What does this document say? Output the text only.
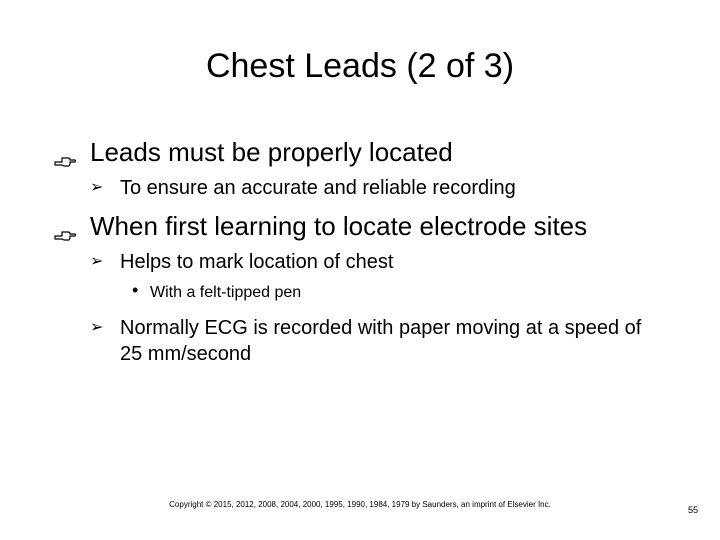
Chest Leads (2 of 3)
Leads must be properly located
➢ To ensure an accurate and reliable recording
When first learning to locate electrode sites
➢ Helps to mark location of chest
• With a felt-tipped pen
➢ Normally ECG is recorded with paper moving at a speed of 25 mm/second
Copyright © 2015, 2012, 2008, 2004, 2000, 1995, 1990, 1984, 1979 by Saunders, an imprint of Elsevier Inc.
55
